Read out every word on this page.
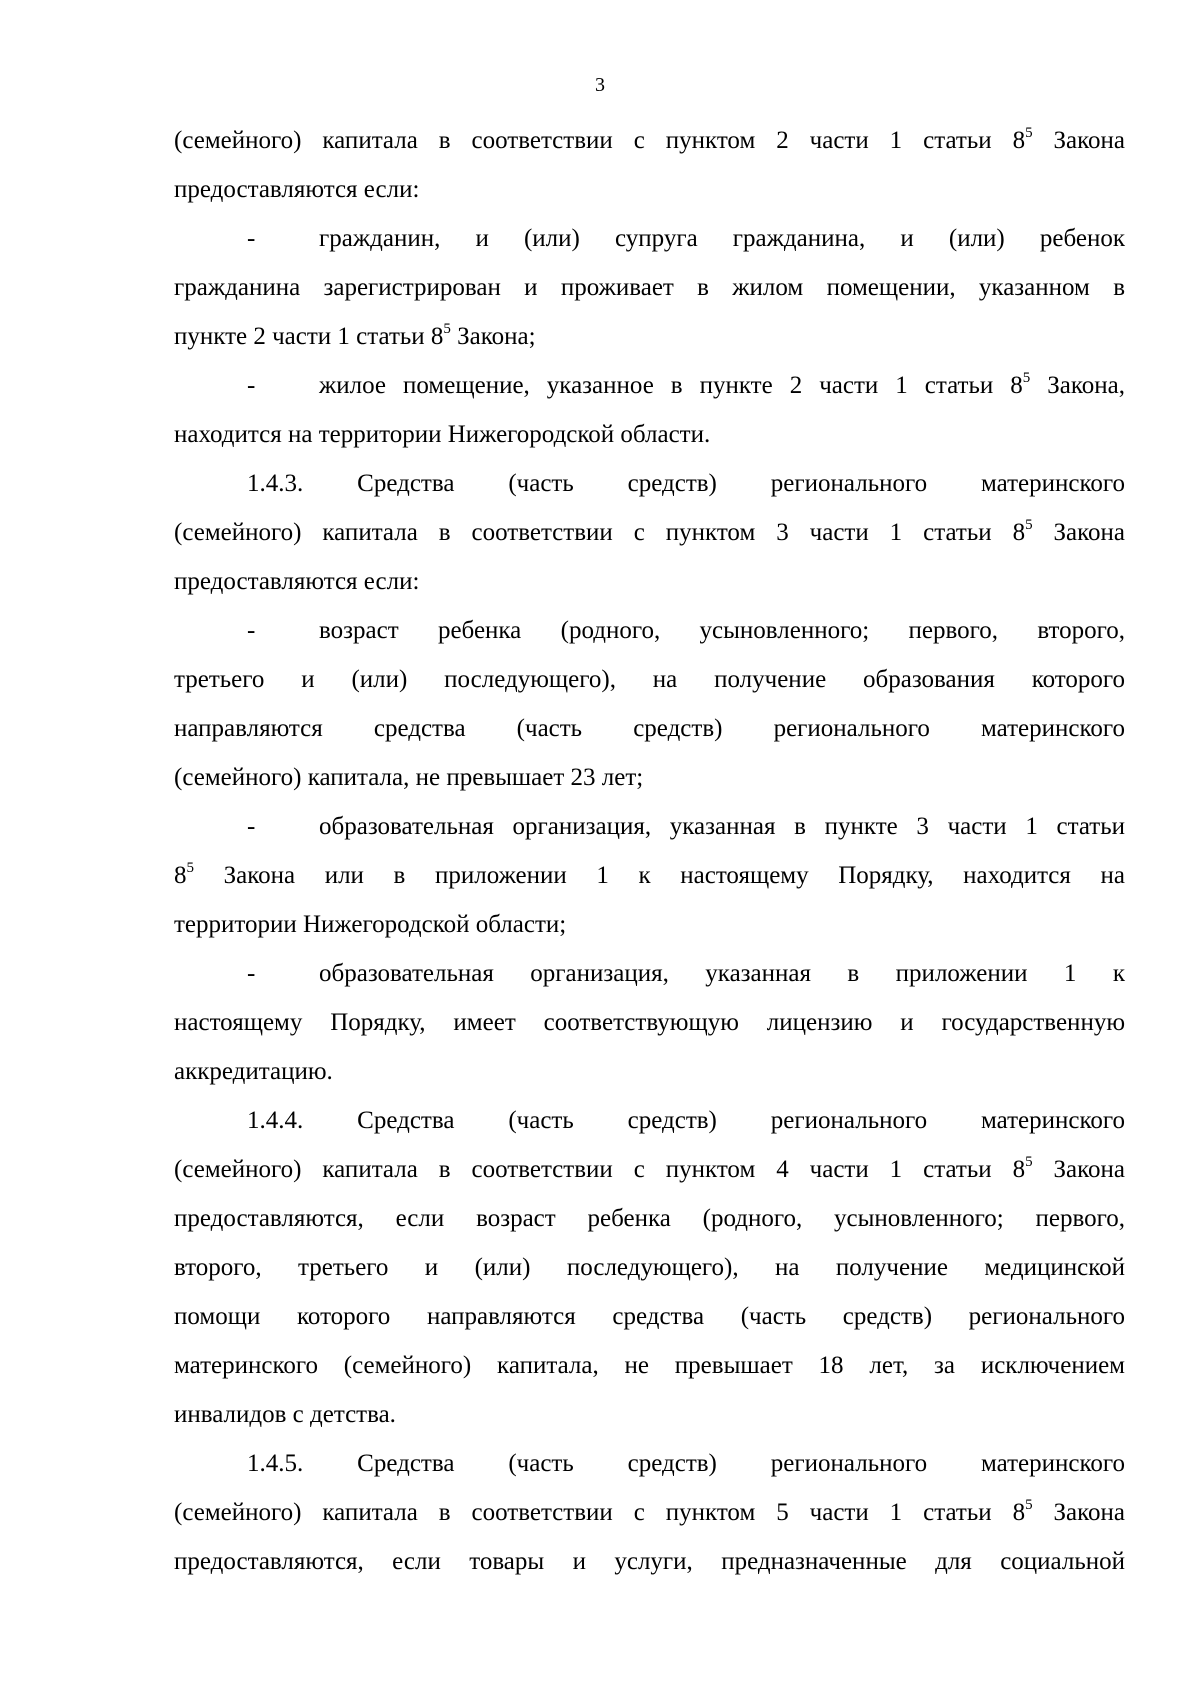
3

(семейного) капитала в соответствии с пунктом 2 части 1 статьи $8^5$ Закона

предоставляются если:

-	гражданин, и (или) супруга гражданина, и (или) ребенок

гражданина зарегистрирован и проживает в жилом помещении, указанном в

пункте 2 части 1 статьи $8^5$ Закона;

-	жилое помещение, указанное в пункте 2 части 1 статьи $8^5$ Закона,

находится на территории Нижегородской области.

1.4.3. Средства (часть средств) регионального материнского

(семейного) капитала в соответствии с пунктом 3 части 1 статьи $8^5$ Закона

предоставляются если:

-	возраст ребенка (родного, усыновленного; первого, второго,

третьего и (или) последующего), на получение образования которого

направляются средства (часть средств) регионального материнского

(семейного) капитала, не превышает 23 лет;

-	образовательная организация, указанная в пункте 3 части 1 статьи

$8^5$ Закона или в приложении 1 к настоящему Порядку, находится на

территории Нижегородской области;

-	образовательная организация, указанная в приложении 1 к

настоящему Порядку, имеет соответствующую лицензию и государственную

аккредитацию.

1.4.4. Средства (часть средств) регионального материнского

(семейного) капитала в соответствии с пунктом 4 части 1 статьи $8^5$ Закона

предоставляются, если возраст ребенка (родного, усыновленного; первого,

второго, третьего и (или) последующего), на получение медицинской

помощи которого направляются средства (часть средств) регионального

материнского (семейного) капитала, не превышает 18 лет, за исключением

инвалидов с детства.

1.4.5. Средства (часть средств) регионального материнского

(семейного) капитала в соответствии с пунктом 5 части 1 статьи $8^5$ Закона

предоставляются, если товары и услуги, предназначенные для социальной
